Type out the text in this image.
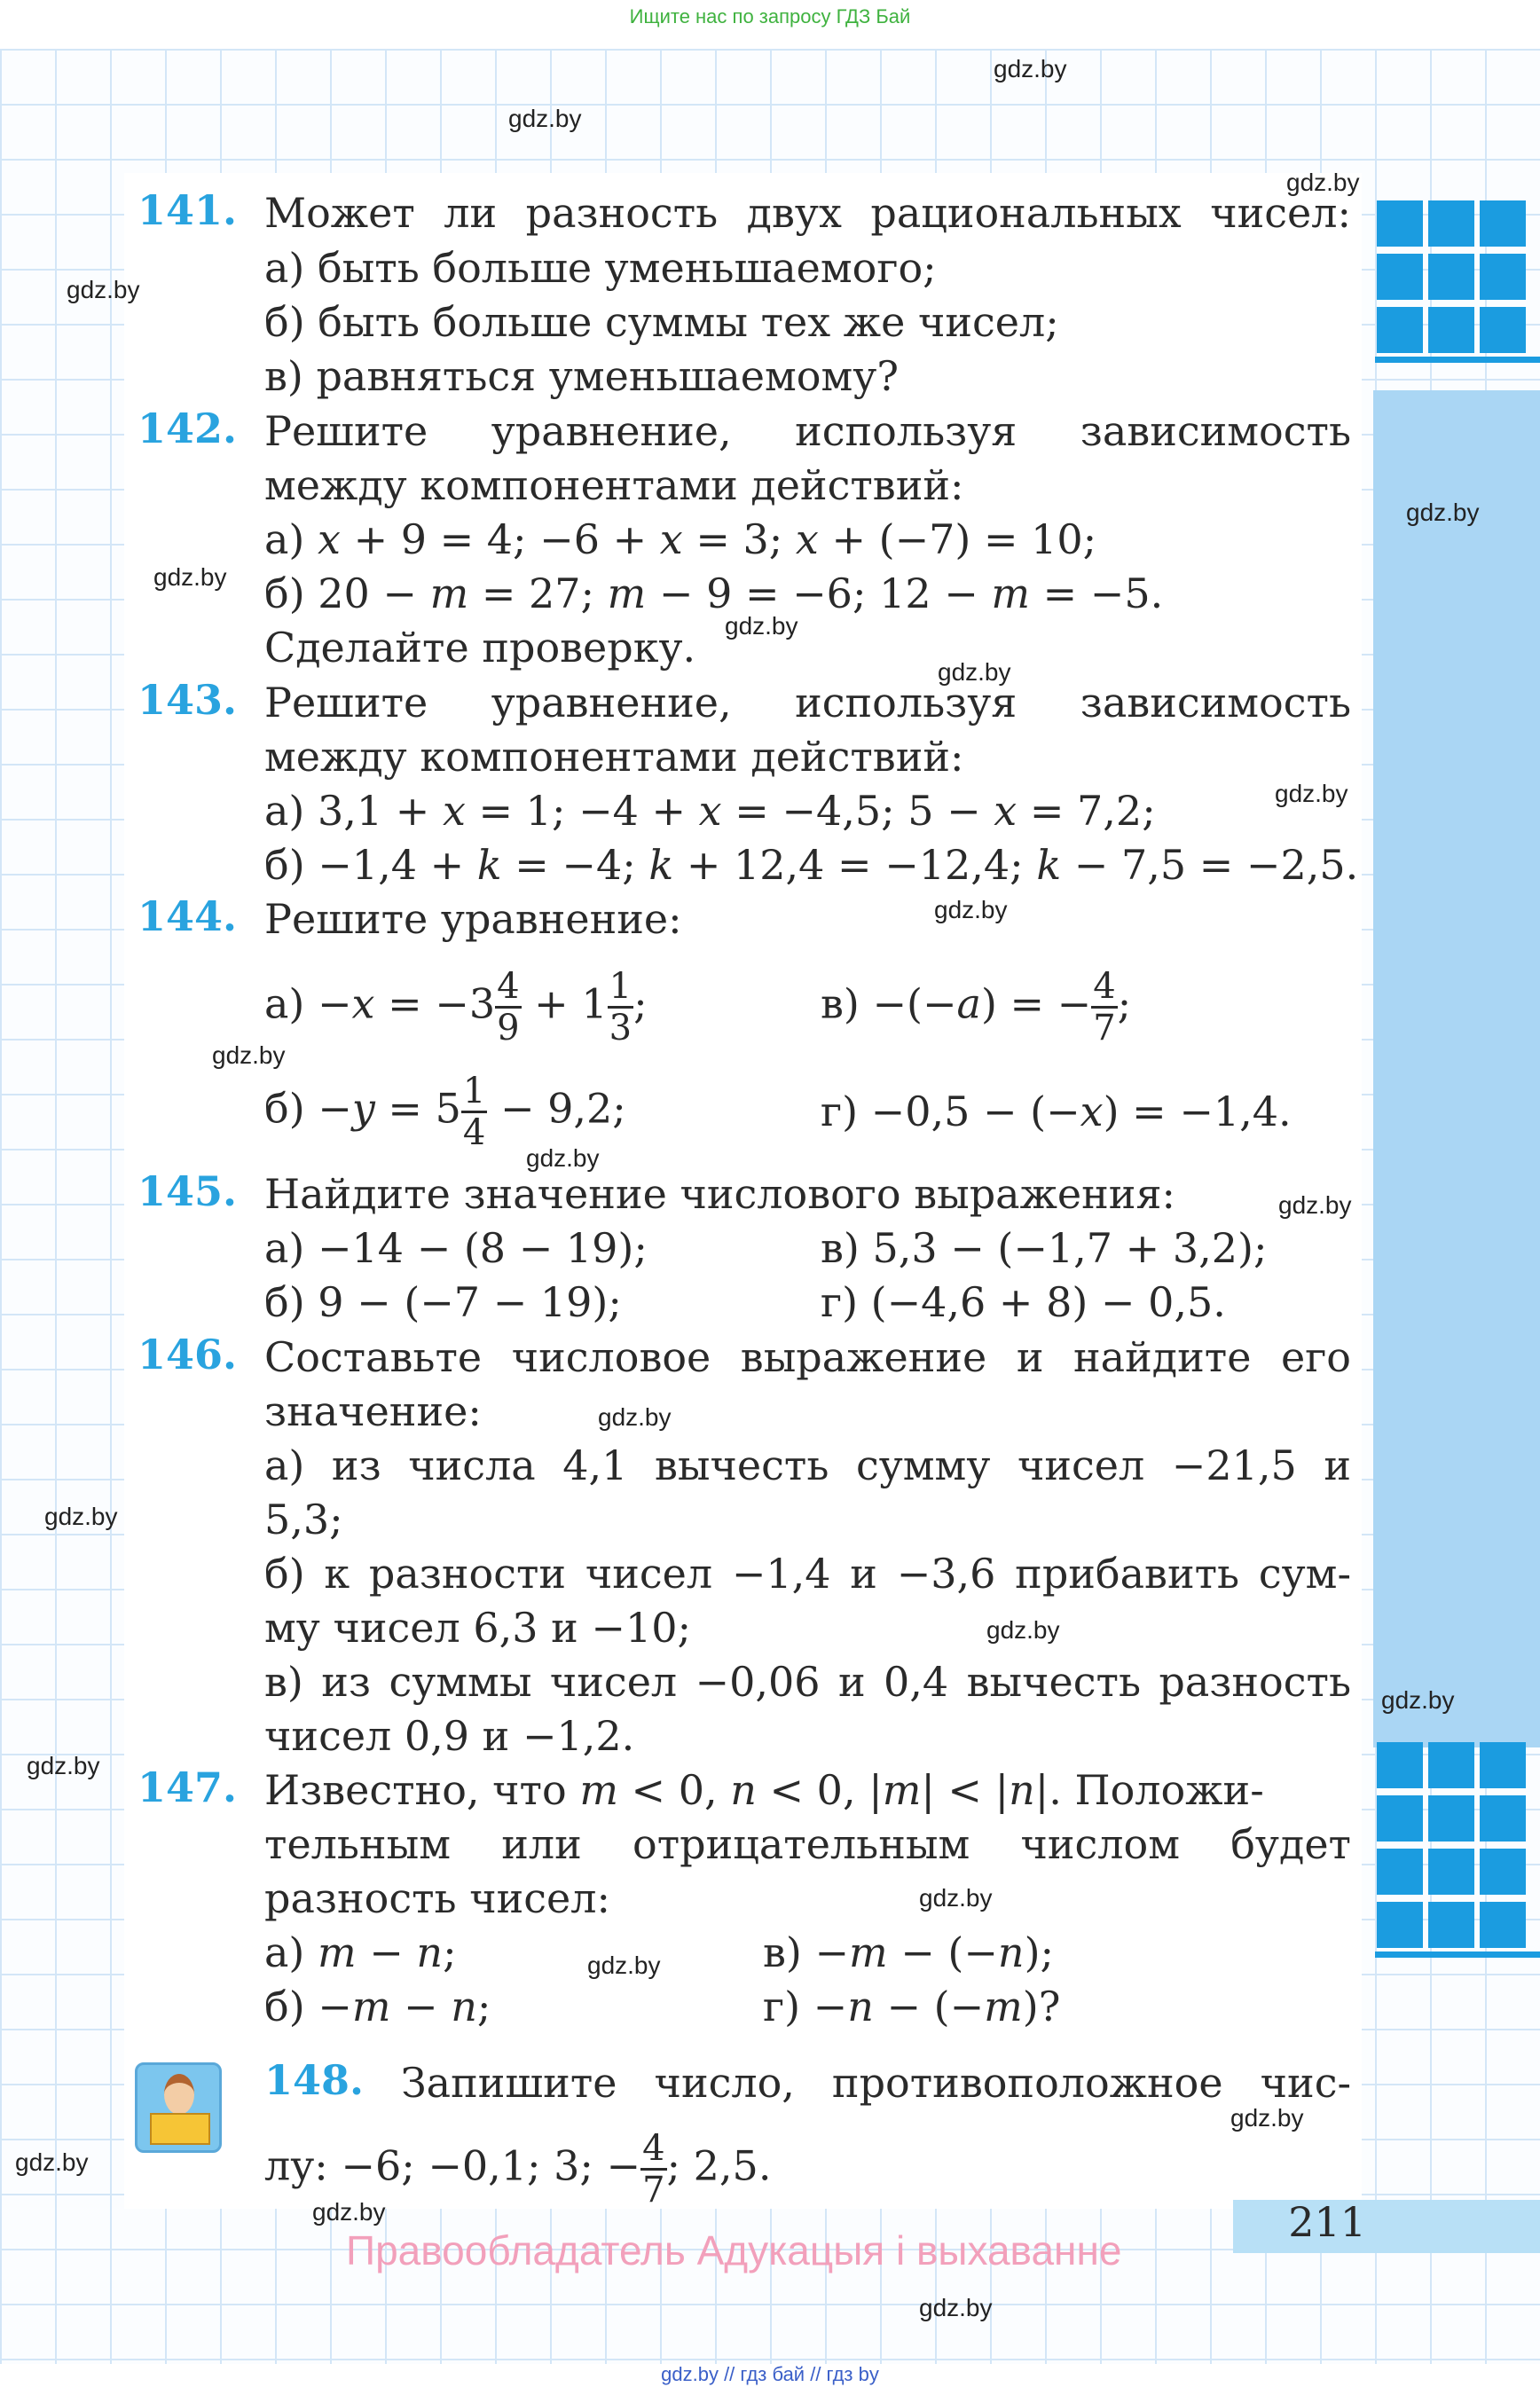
Ищите нас по запросу ГДЗ Бай
141. Может ли разность двух рациональных чисел:
а) быть больше уменьшаемого;
б) быть больше суммы тех же чисел;
в) равняться уменьшаемому?
142. Решите уравнение, используя зависимость
между компонентами действий:
а) x + 9 = 4; −6 + x = 3; x + (−7) = 10;
б) 20 − m = 27; m − 9 = −6; 12 − m = −5.
Сделайте проверку.
143. Решите уравнение, используя зависимость
между компонентами действий:
а) 3,1 + x = 1; −4 + x = −4,5; 5 − x = 7,2;
б) −1,4 + k = −4; k + 12,4 = −12,4; k − 7,5 = −2,5.
144. Решите уравнение:
$а) -x = -3 \frac{4}{9} + 1 \frac{1}{3}$ ;	в) −(−a) = − $\frac{4}{7}$ ;
$б) -y = 5 \frac{1}{4} - 9,2$;	г) −0,5 − (−x) = −1,4.
145. Найдите значение числового выражения:
а) −14 − (8 − 19);	в) 5,3 − (−1,7 + 3,2);
б) 9 − (−7 − 19);	г) (−4,6 + 8) − 0,5.
146. Составьте числовое выражение и найдите его
значение:
а) из числа 4,1 вычесть сумму чисел −21,5 и
5,3;
б) к разности чисел −1,4 и −3,6 прибавить сум-
му чисел 6,3 и −10;
в) из суммы чисел −0,06 и 0,4 вычесть разность
чисел 0,9 и −1,2.
147. Известно, что m < 0, n < 0, |m| < |n|. Положи-
тельным или отрицательным числом будет
разность чисел:
а) m − n;	в) −m − (−n);
б) −m − n;	г) −n − (−m)?
148. Запишите число, противоположное чис-
лу: −6; −0,1; 3; − $\frac{4}{7}$ ; 2,5.
211
Правообладатель Адукацыя і выхаванне
gdz.by
gdz.by
gdz.by
gdz.by
gdz.by
gdz.by
gdz.by
gdz.by
gdz.by
gdz.by
gdz.by
gdz.by
gdz.by
gdz.by
gdz.by
gdz.by
gdz.by
gdz.by
gdz.by
gdz.by
gdz.by
gdz.by
gdz.by
gdz.by
gdz.by // гдз бай // гдз by
